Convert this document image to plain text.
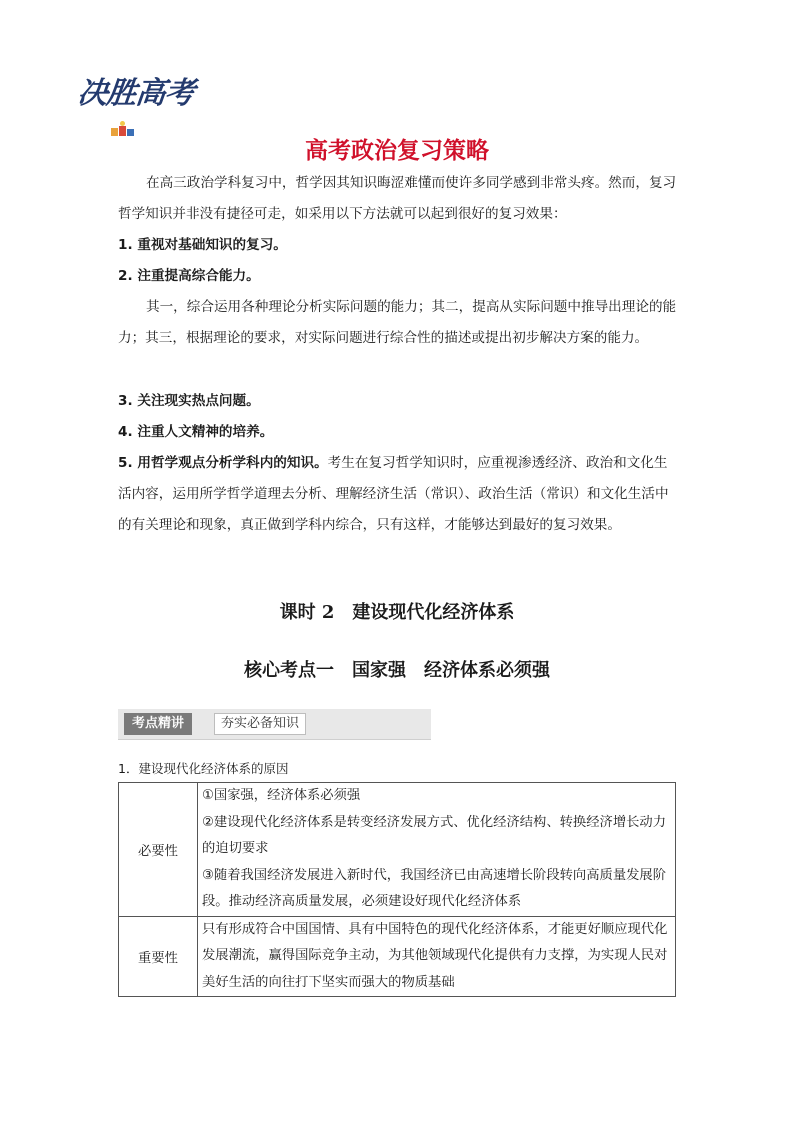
决胜高考
高考政治复习策略
在高三政治学科复习中，哲学因其知识晦涩难懂而使许多同学感到非常头疼。然而，复习哲学知识并非没有捷径可走，如采用以下方法就可以起到很好的复习效果：
1. 重视对基础知识的复习。
2. 注重提高综合能力。
其一，综合运用各种理论分析实际问题的能力；其二，提高从实际问题中推导出理论的能力；其三，根据理论的要求，对实际问题进行综合性的描述或提出初步解决方案的能力。
3. 关注现实热点问题。
4. 注重人文精神的培养。
5. 用哲学观点分析学科内的知识。考生在复习哲学知识时，应重视渗透经济、政治和文化生活内容，运用所学哲学道理去分析、理解经济生活（常识）、政治生活（常识）和文化生活中的有关理论和现象，真正做到学科内综合，只有这样，才能够达到最好的复习效果。
课时 2　建设现代化经济体系
核心考点一　国家强　经济体系必须强
考点精讲	夯实必备知识
1．建设现代化经济体系的原因
必要性	①国家强，经济体系必须强
②建设现代化经济体系是转变经济发展方式、优化经济结构、转换经济增长动力的迫切要求
③随着我国经济发展进入新时代，我国经济已由高速增长阶段转向高质量发展阶段。推动经济高质量发展，必须建设好现代化经济体系

重要性	只有形成符合中国国情、具有中国特色的现代化经济体系，才能更好顺应现代化发展潮流，赢得国际竞争主动，为其他领域现代化提供有力支撑，为实现人民对美好生活的向往打下坚实而强大的物质基础
